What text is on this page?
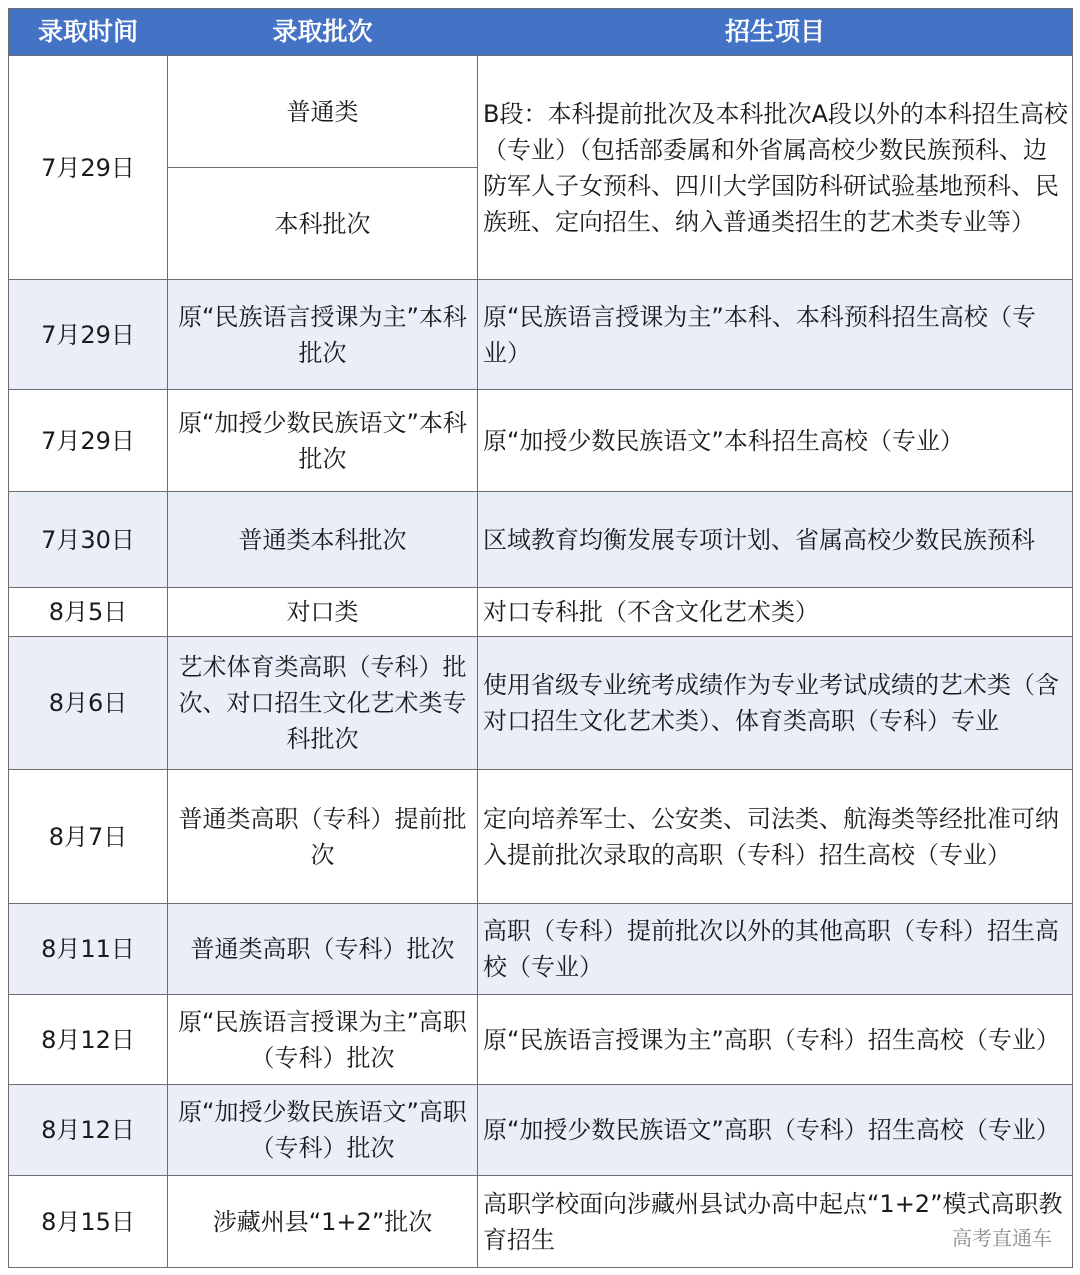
录取时间	录取批次	招生项目
7月29日	普通类	B段：本科提前批次及本科批次A段以外的本科招生高校（专业）（包括部委属和外省属高校少数民族预科、边防军人子女预科、四川大学国防科研试验基地预科、民族班、定向招生、纳入普通类招生的艺术类专业等）
	本科批次	
7月29日	原“民族语言授课为主”本科批次	原“民族语言授课为主”本科、本科预科招生高校（专业）
7月29日	原“加授少数民族语文”本科批次	原“加授少数民族语文”本科招生高校（专业）
7月30日	普通类本科批次	区域教育均衡发展专项计划、省属高校少数民族预科
8月5日	对口类	对口专科批（不含文化艺术类）
8月6日	艺术体育类高职（专科）批次、对口招生文化艺术类专科批次	使用省级专业统考成绩作为专业考试成绩的艺术类（含对口招生文化艺术类）、体育类高职（专科）专业
8月7日	普通类高职（专科）提前批次	定向培养军士、公安类、司法类、航海类等经批准可纳入提前批次录取的高职（专科）招生高校（专业）
8月11日	普通类高职（专科）批次	高职（专科）提前批次以外的其他高职（专科）招生高校（专业）
8月12日	原“民族语言授课为主”高职（专科）批次	原“民族语言授课为主”高职（专科）招生高校（专业）
8月12日	原“加授少数民族语文”高职（专科）批次	原“加授少数民族语文”高职（专科）招生高校（专业）
8月15日	涉藏州县“1+2”批次	高职学校面向涉藏州县试办高中起点“1+2”模式高职教育招生	高考直通车
